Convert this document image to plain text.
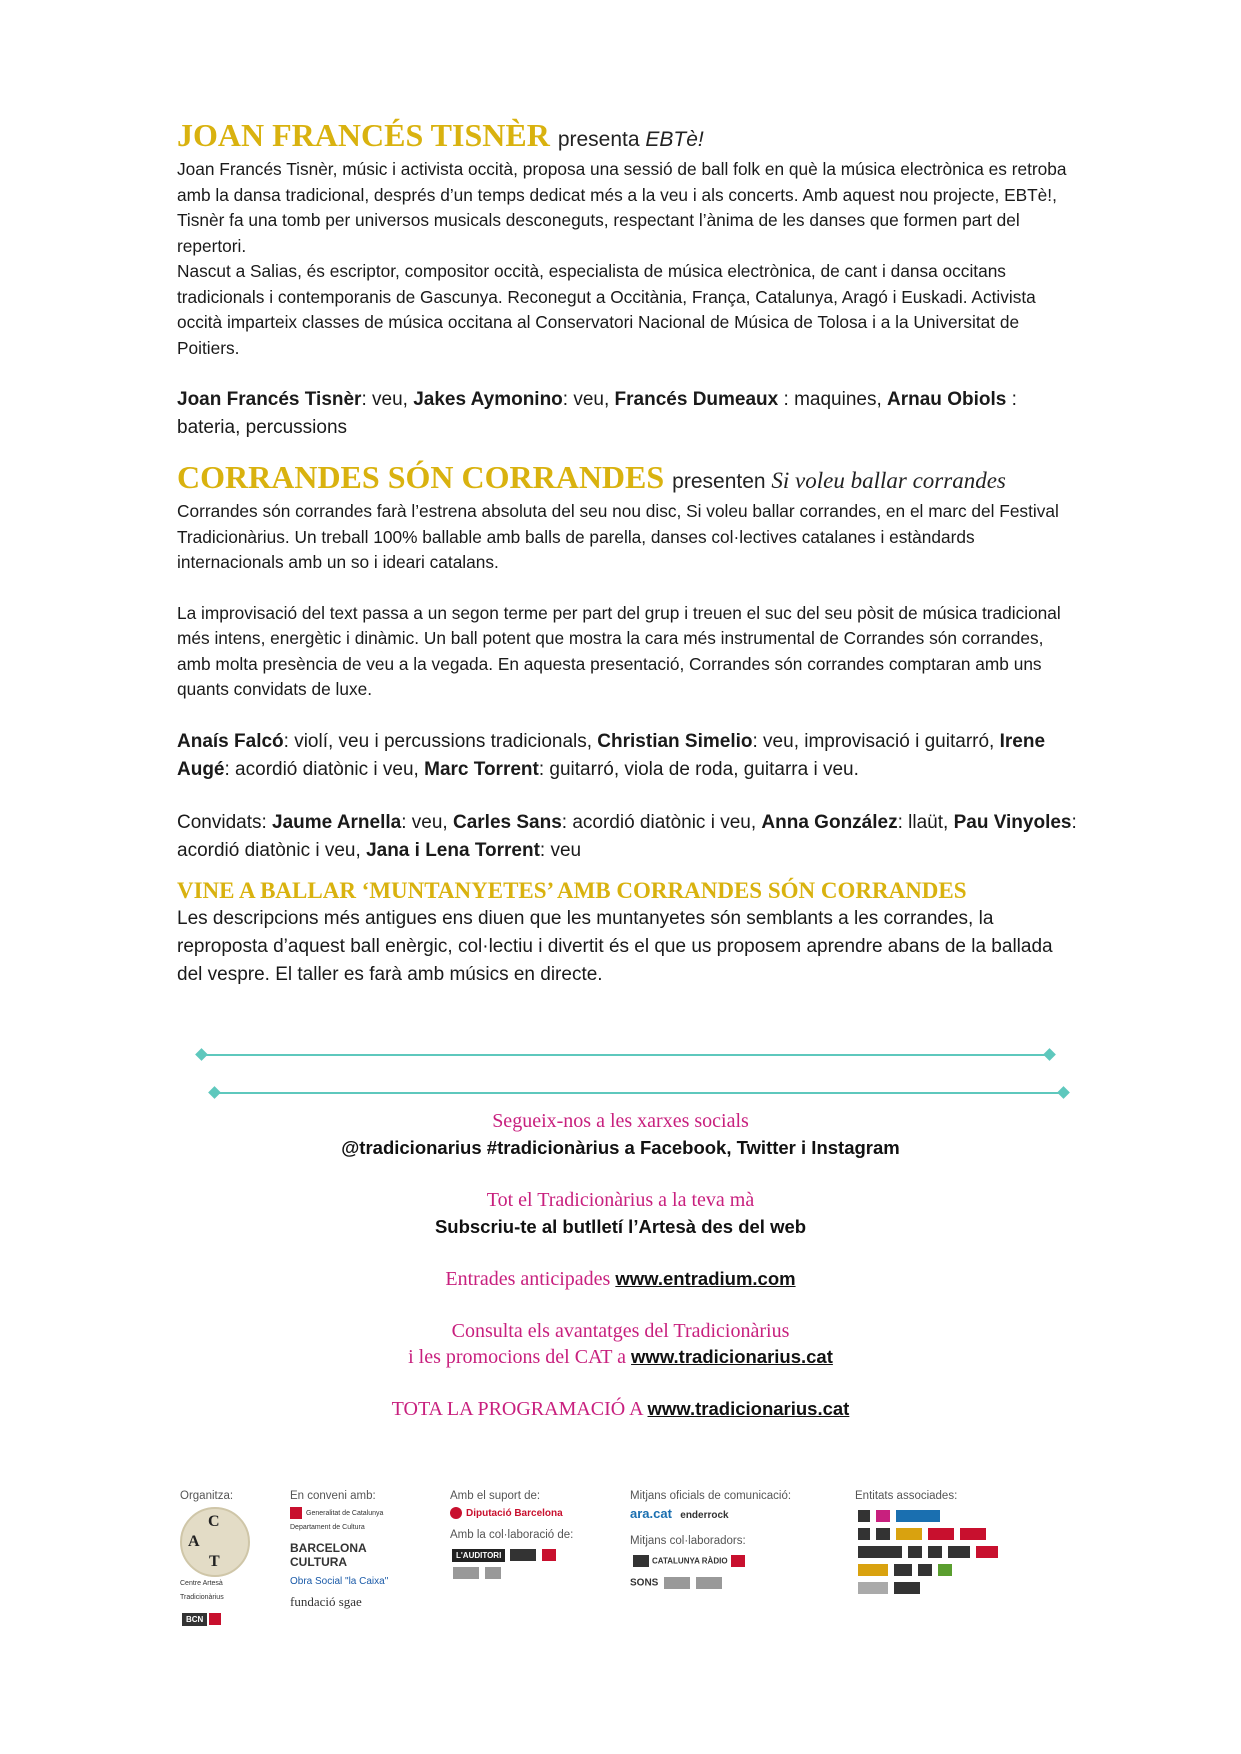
JOAN FRANCÉS TISNÈR presenta EBTè!

Joan Francés Tisnèr, músic i activista occità, proposa una sessió de ball folk en què la música electrònica es retroba amb la dansa tradicional, després d’un temps dedicat més a la veu i als concerts. Amb aquest nou projecte, EBTè!, Tisnèr fa una tomb per universos musicals desconeguts, respectant l’ànima de les danses que formen part del repertori.

Nascut a Salias, és escriptor, compositor occità, especialista de música electrònica, de cant i dansa occitans tradicionals i contemporanis de Gascunya. Reconegut a Occitània, França, Catalunya, Aragó i Euskadi. Activista occità imparteix classes de música occitana al Conservatori Nacional de Música de Tolosa i a la Universitat de Poitiers.

Joan Francés Tisnèr: veu, Jakes Aymonino: veu, Francés Dumeaux : maquines, Arnau Obiols : bateria, percussions

CORRANDES SÓN CORRANDES presenten Si voleu ballar corrandes

Corrandes són corrandes farà l’estrena absoluta del seu nou disc, Si voleu ballar corrandes, en el marc del Festival Tradicionàrius. Un treball 100% ballable amb balls de parella, danses col·lectives catalanes i estàndards internacionals amb un so i ideari catalans.

La improvisació del text passa a un segon terme per part del grup i treuen el suc del seu pòsit de música tradicional més intens, energètic i dinàmic. Un ball potent que mostra la cara més instrumental de Corrandes són corrandes, amb molta presència de veu a la vegada. En aquesta presentació, Corrandes són corrandes comptaran amb uns quants convidats de luxe.

Anaís Falcó: violí, veu i percussions tradicionals, Christian Simelio: veu, improvisació i guitarró, Irene Augé: acordió diatònic i veu, Marc Torrent: guitarró, viola de roda, guitarra i veu.

Convidats: Jaume Arnella: veu, Carles Sans: acordió diatònic i veu, Anna González: llaüt, Pau Vinyoles: acordió diatònic i veu, Jana i Lena Torrent: veu

VINE A BALLAR ‘MUNTANYETES’ AMB CORRANDES SÓN CORRANDES

Les descripcions més antigues ens diuen que les muntanyetes són semblants a les corrandes, la reproposta d’aquest ball enèrgic, col·lectiu i divertit és el que us proposem aprendre abans de la ballada del vespre. El taller es farà amb músics en directe.

Segueix-nos a les xarxes socials
@tradicionarius #tradicionàrius a Facebook, Twitter i Instagram
Tot el Tradicionàrius a la teva mà
Subscriu-te al butlletí l’Artesà des del web
Entrades anticipades www.entradium.com
Consulta els avantatges del Tradicionàrius
i les promocions del CAT a www.tradicionarius.cat
TOTA LA PROGRAMACIÓ A www.tradicionarius.cat
Organitza:
C
A
T
Centre Artesà Tradicionàrius
BCN
En conveni amb:
Generalitat de Catalunya Departament de Cultura
BARCELONA CULTURA
Obra Social "la Caixa"
fundació sgae
Amb el suport de:
Diputació Barcelona
Amb la col·laboració de:
L'AUDITORI
Mitjans oficials de comunicació:
ara.cat enderrock
Mitjans col·laboradors:
CATALUNYA RÀDIO
SONS
Entitats associades:
